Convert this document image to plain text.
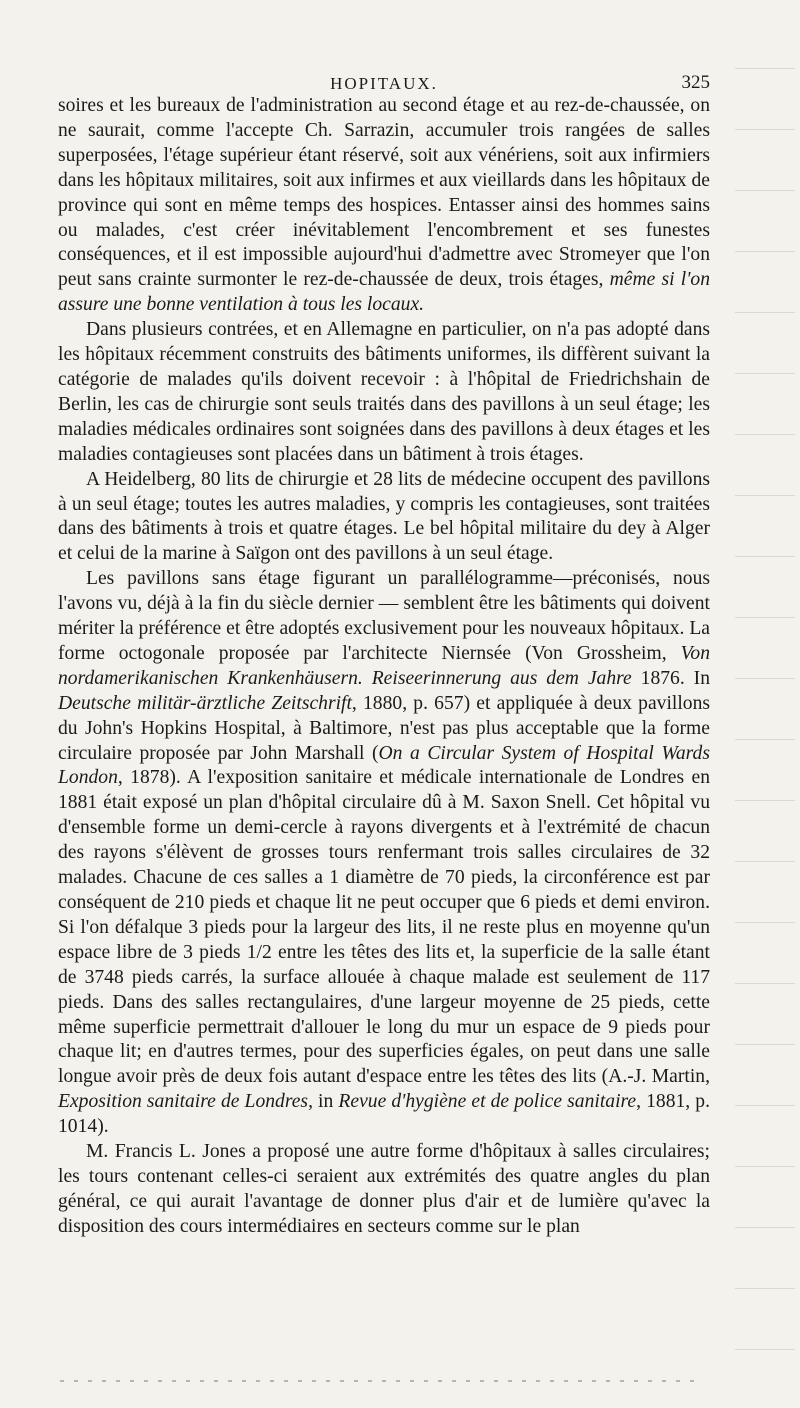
HOPITAUX.	325

soires et les bureaux de l'administration au second étage et au rez-de-chaussée, on ne saurait, comme l'accepte Ch. Sarrazin, accumuler trois rangées de salles superposées, l'étage supérieur étant réservé, soit aux vénériens, soit aux infirmiers dans les hôpitaux militaires, soit aux infirmes et aux vieillards dans les hôpitaux de province qui sont en même temps des hospices. Entasser ainsi des hommes sains ou malades, c'est créer inévitablement l'encombrement et ses funestes conséquences, et il est impossible aujourd'hui d'admettre avec Stromeyer que l'on peut sans crainte surmonter le rez-de-chaussée de deux, trois étages, même si l'on assure une bonne ventilation à tous les locaux.

Dans plusieurs contrées, et en Allemagne en particulier, on n'a pas adopté dans les hôpitaux récemment construits des bâtiments uniformes, ils diffèrent suivant la catégorie de malades qu'ils doivent recevoir : à l'hôpital de Friedrichshain de Berlin, les cas de chirurgie sont seuls traités dans des pavillons à un seul étage; les maladies médicales ordinaires sont soignées dans des pavillons à deux étages et les maladies contagieuses sont placées dans un bâtiment à trois étages.

A Heidelberg, 80 lits de chirurgie et 28 lits de médecine occupent des pavillons à un seul étage; toutes les autres maladies, y compris les contagieuses, sont traitées dans des bâtiments à trois et quatre étages. Le bel hôpital militaire du dey à Alger et celui de la marine à Saïgon ont des pavillons à un seul étage.

Les pavillons sans étage figurant un parallélogramme—préconisés, nous l'avons vu, déjà à la fin du siècle dernier — semblent être les bâtiments qui doivent mériter la préférence et être adoptés exclusivement pour les nouveaux hôpitaux. La forme octogonale proposée par l'architecte Niernsée (Von Grossheim, Von nordamerikanischen Krankenhäusern. Reiseerinnerung aus dem Jahre 1876. In Deutsche militär-ärztliche Zeitschrift, 1880, p. 657) et appliquée à deux pavillons du John's Hopkins Hospital, à Baltimore, n'est pas plus acceptable que la forme circulaire proposée par John Marshall (On a Circular System of Hospital Wards London, 1878). A l'exposition sanitaire et médicale internationale de Londres en 1881 était exposé un plan d'hôpital circulaire dû à M. Saxon Snell. Cet hôpital vu d'ensemble forme un demi-cercle à rayons divergents et à l'extrémité de chacun des rayons s'élèvent de grosses tours renfermant trois salles circulaires de 32 malades. Chacune de ces salles a 1 diamètre de 70 pieds, la circonférence est par conséquent de 210 pieds et chaque lit ne peut occuper que 6 pieds et demi environ. Si l'on défalque 3 pieds pour la largeur des lits, il ne reste plus en moyenne qu'un espace libre de 3 pieds 1/2 entre les têtes des lits et, la superficie de la salle étant de 3748 pieds carrés, la surface allouée à chaque malade est seulement de 117 pieds. Dans des salles rectangulaires, d'une largeur moyenne de 25 pieds, cette même superficie permettrait d'allouer le long du mur un espace de 9 pieds pour chaque lit; en d'autres termes, pour des superficies égales, on peut dans une salle longue avoir près de deux fois autant d'espace entre les têtes des lits (A.-J. Martin, Exposition sanitaire de Londres, in Revue d'hygiène et de police sanitaire, 1881, p. 1014).

M. Francis L. Jones a proposé une autre forme d'hôpitaux à salles circulaires; les tours contenant celles-ci seraient aux extrémités des quatre angles du plan général, ce qui aurait l'avantage de donner plus d'air et de lumière qu'avec la disposition des cours intermédiaires en secteurs comme sur le plan
